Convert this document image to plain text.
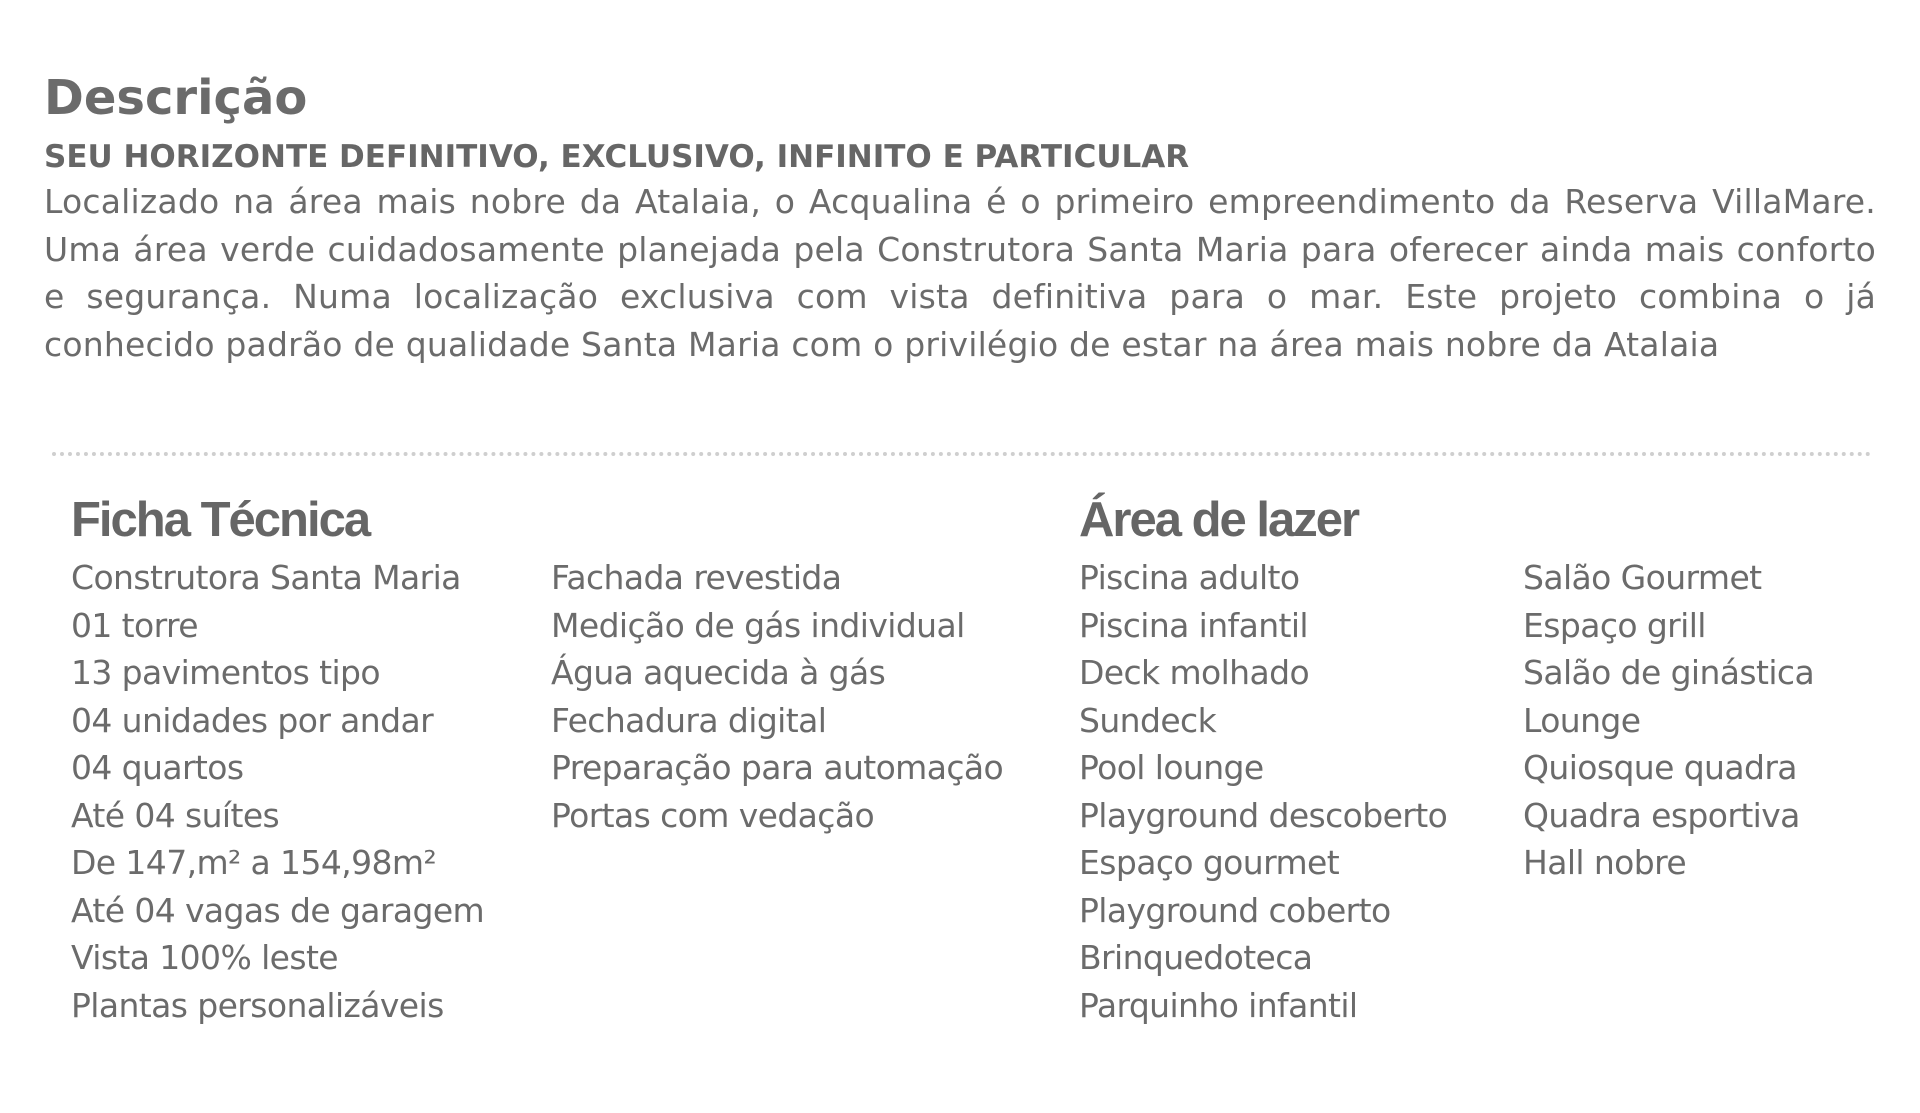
Descrição
SEU HORIZONTE DEFINITIVO, EXCLUSIVO, INFINITO E PARTICULAR

Localizado na área mais nobre da Atalaia, o Acqualina é o primeiro empreendimento da Reserva VillaMare. Uma área verde cuidadosamente planejada pela Construtora Santa Maria para oferecer ainda mais conforto e segurança. Numa localização exclusiva com vista definitiva para o mar. Este projeto combina o já conhecido padrão de qualidade Santa Maria com o privilégio de estar na área mais nobre da Atalaia

Ficha Técnica
Construtora Santa Maria
01 torre
13 pavimentos tipo
04 unidades por andar
04 quartos
Até 04 suítes
De 147,m² a 154,98m²
Até 04 vagas de garagem
Vista 100% leste
Plantas personalizáveis
Fachada revestida
Medição de gás individual
Água aquecida à gás
Fechadura digital
Preparação para automação
Portas com vedação
Área de lazer
Piscina adulto
Piscina infantil
Deck molhado
Sundeck
Pool lounge
Playground descoberto
Espaço gourmet
Playground coberto
Brinquedoteca
Parquinho infantil
Salão Gourmet
Espaço grill
Salão de ginástica
Lounge
Quiosque quadra
Quadra esportiva
Hall nobre
